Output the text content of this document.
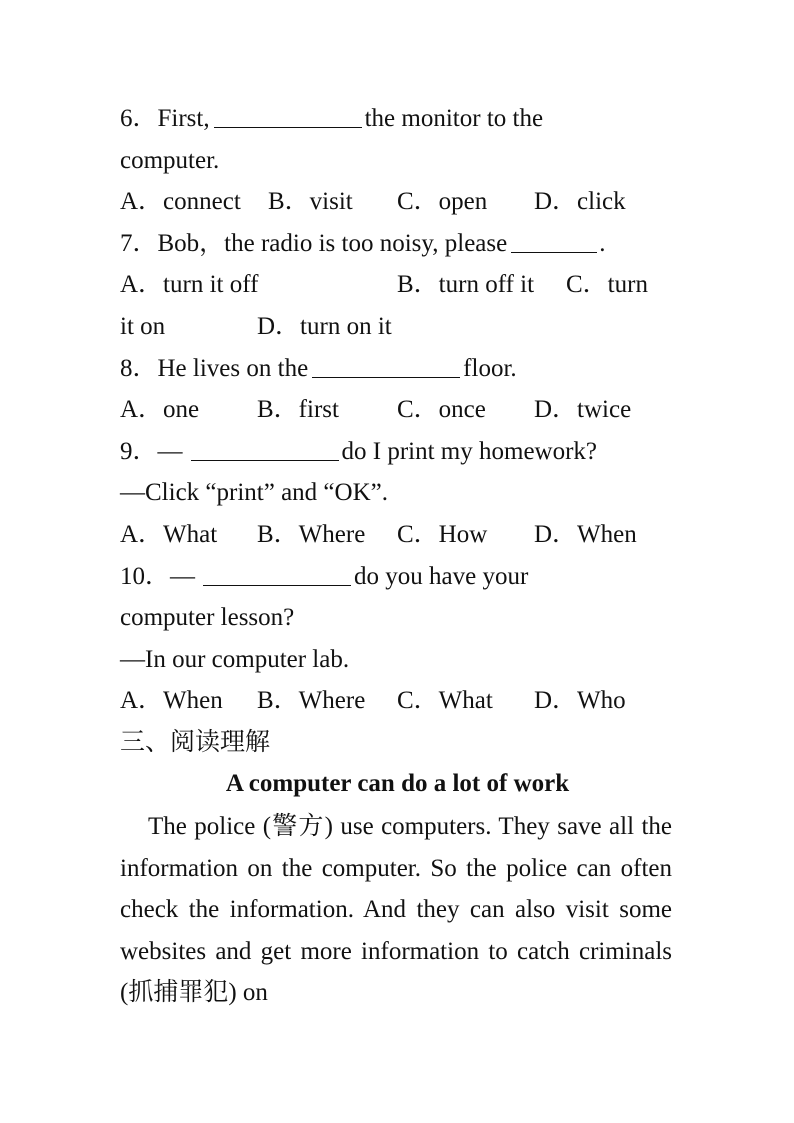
6．First,	the monitor to the
computer.
A．connect B．visit C．open D．click
7．Bob，the radio is too noisy, please	.
A．turn it off	B．turn off it C．turn
it on	D．turn on it
8．He lives on the	floor.
A．one B．first C．once D．twice
9．—	do I print my homework?
—Click “print” and “OK”.
A．What B．Where C．How D．When
10．—	do you have your
computer lesson?
—In our computer lab.
A．When B．Where C．What D．Who
三、阅读理解
A computer can do a lot of work
The police (警方) use computers. They save all the information on the computer. So the police can often check the information. And they can also visit some websites and get more information to catch criminals (抓捕罪犯) on
